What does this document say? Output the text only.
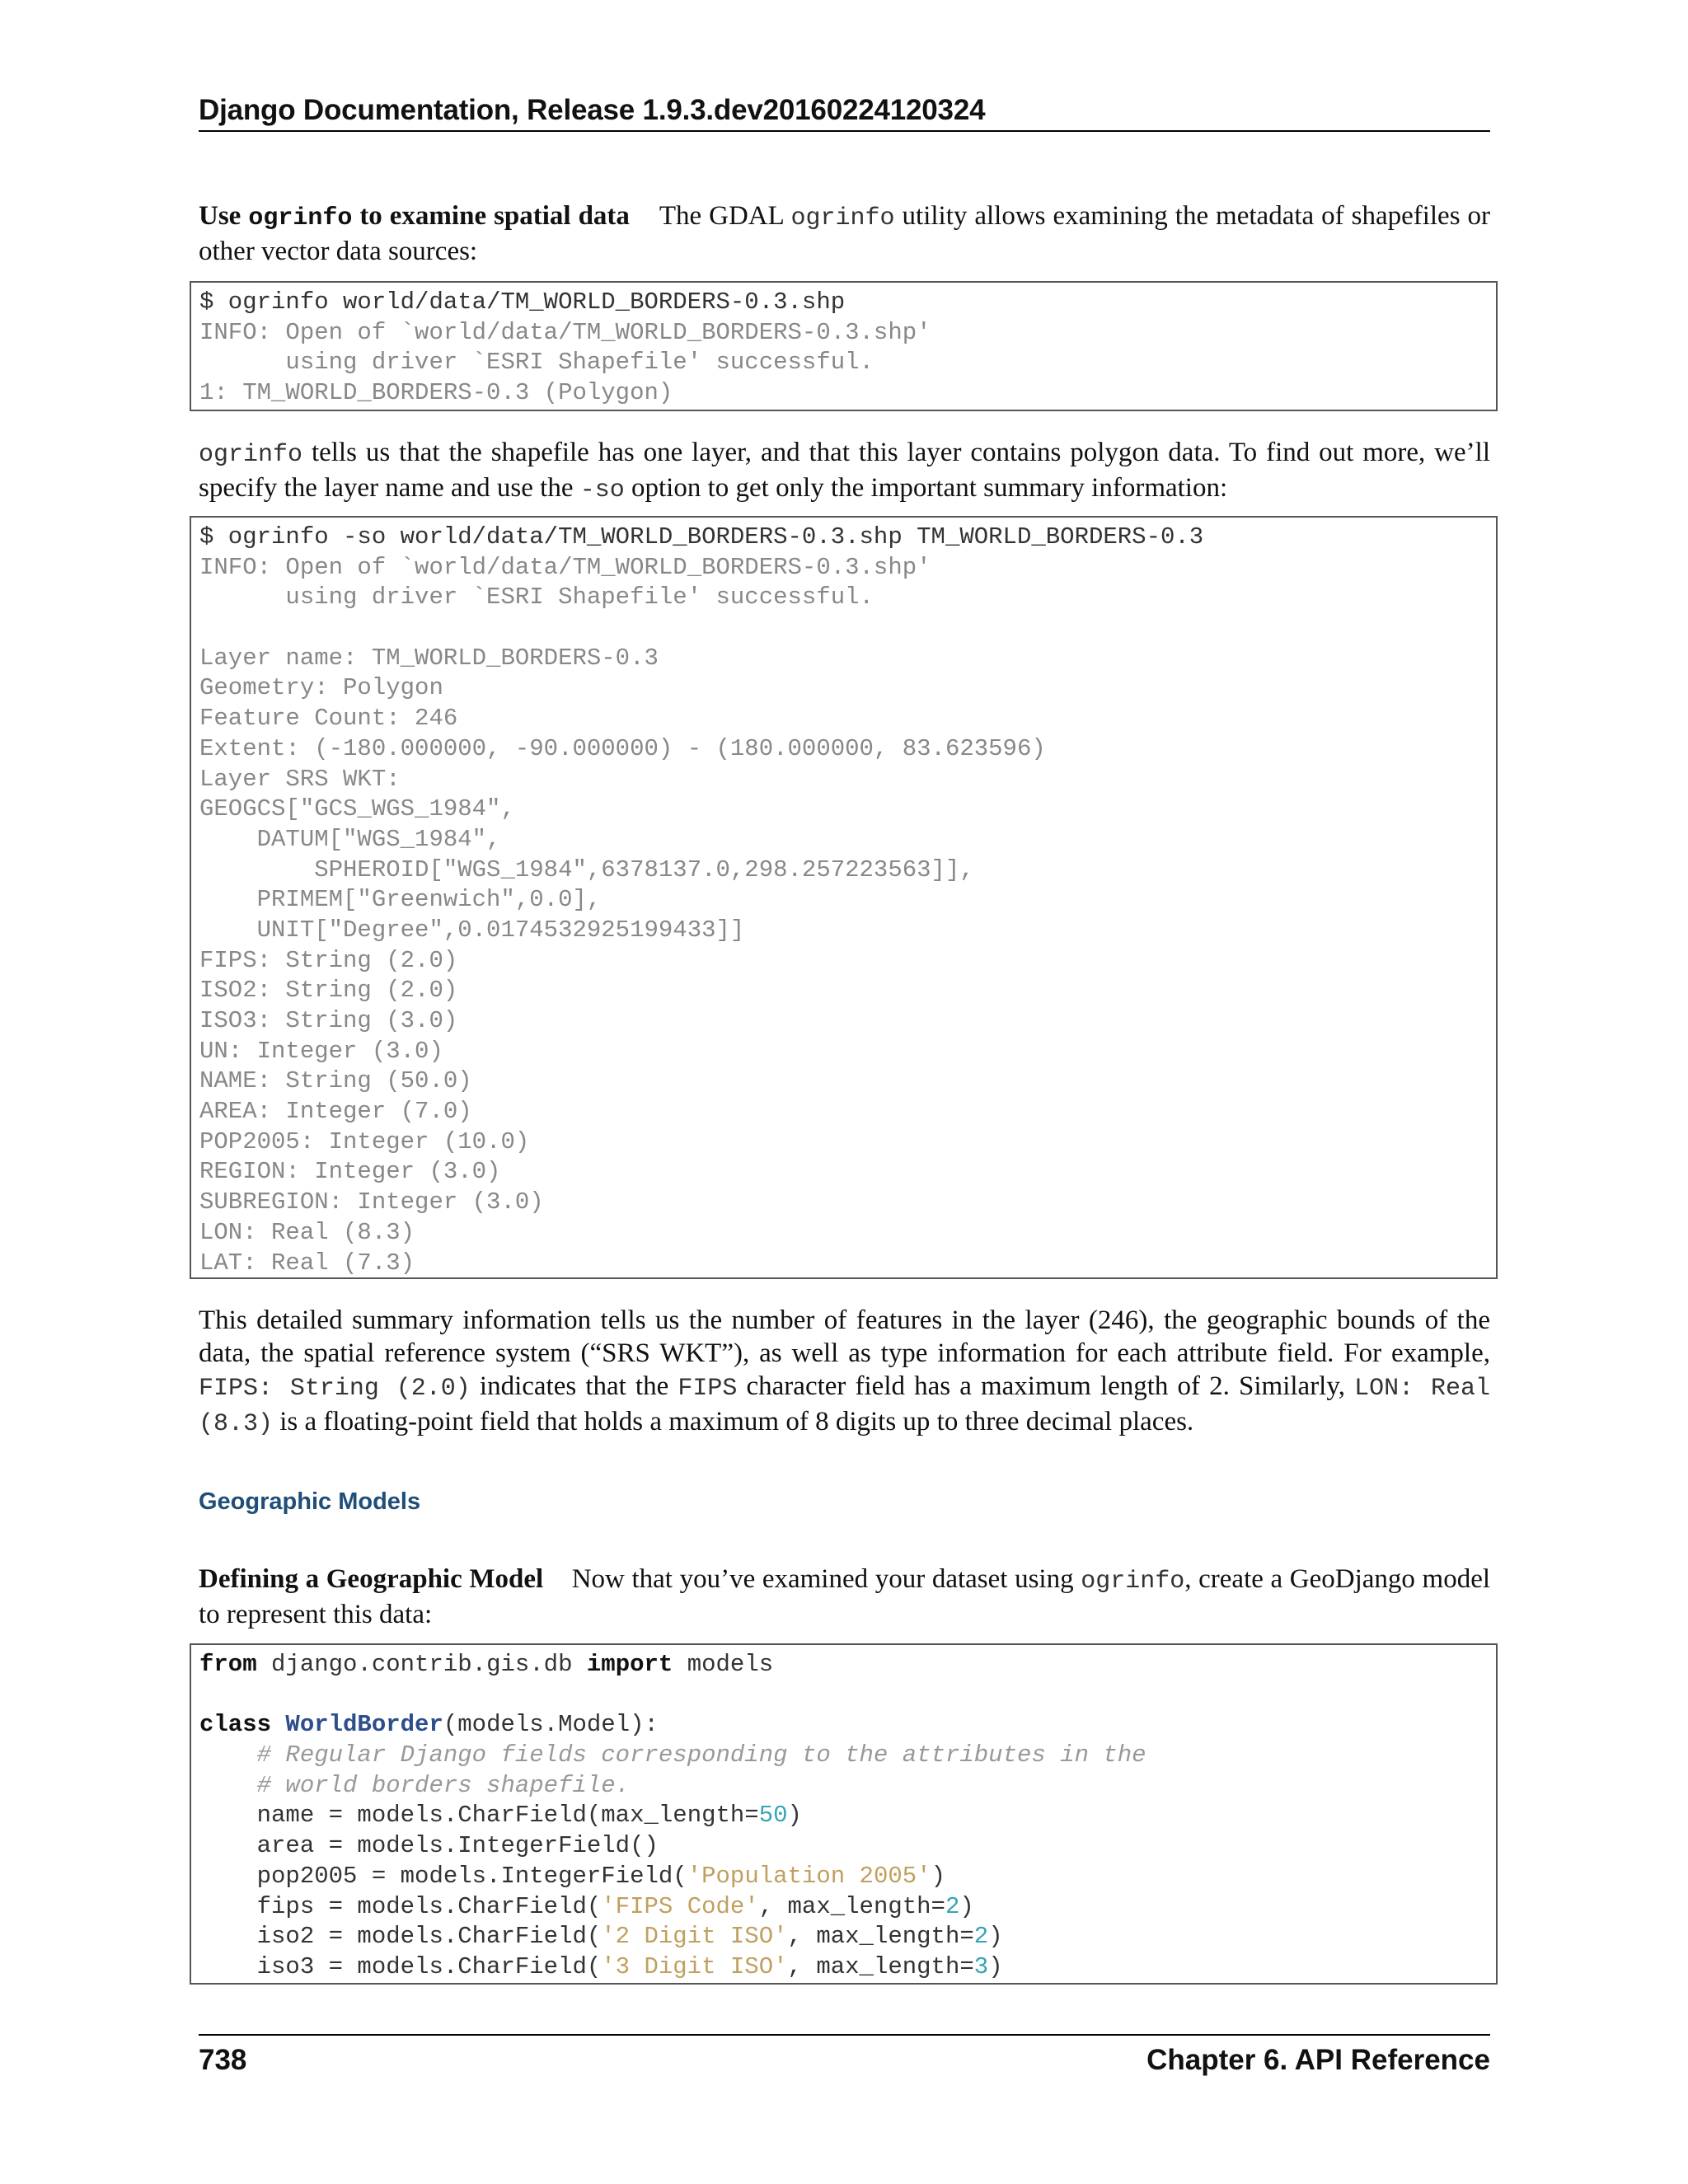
Django Documentation, Release 1.9.3.dev20160224120324
Use ogrinfo to examine spatial data The GDAL ogrinfo utility allows examining the metadata of shapefiles or other vector data sources:
$ ogrinfo world/data/TM_WORLD_BORDERS-0.3.shp
INFO: Open of `world/data/TM_WORLD_BORDERS-0.3.shp'
using driver `ESRI Shapefile' successful.
1: TM_WORLD_BORDERS-0.3 (Polygon)
ogrinfo tells us that the shapefile has one layer, and that this layer contains polygon data. To find out more, we’ll specify the layer name and use the -so option to get only the important summary information:
$ ogrinfo -so world/data/TM_WORLD_BORDERS-0.3.shp TM_WORLD_BORDERS-0.3
INFO: Open of `world/data/TM_WORLD_BORDERS-0.3.shp'
using driver `ESRI Shapefile' successful.
Layer name: TM_WORLD_BORDERS-0.3
Geometry: Polygon
Feature Count: 246
Extent: (-180.000000, -90.000000) - (180.000000, 83.623596)
Layer SRS WKT:
GEOGCS["GCS_WGS_1984",
DATUM["WGS_1984",
SPHEROID["WGS_1984",6378137.0,298.257223563]],
PRIMEM["Greenwich",0.0],
UNIT["Degree",0.0174532925199433]]
FIPS: String (2.0)
ISO2: String (2.0)
ISO3: String (3.0)
UN: Integer (3.0)
NAME: String (50.0)
AREA: Integer (7.0)
POP2005: Integer (10.0)
REGION: Integer (3.0)
SUBREGION: Integer (3.0)
LON: Real (8.3)
LAT: Real (7.3)
This detailed summary information tells us the number of features in the layer (246), the geographic bounds of the data, the spatial reference system (“SRS WKT”), as well as type information for each attribute field. For example, FIPS: String (2.0) indicates that the FIPS character field has a maximum length of 2. Similarly, LON: Real (8.3) is a floating-point field that holds a maximum of 8 digits up to three decimal places.
Geographic Models
Defining a Geographic Model Now that you’ve examined your dataset using ogrinfo, create a GeoDjango model to represent this data:
from django.contrib.gis.db import models
class WorldBorder(models.Model):
# Regular Django fields corresponding to the attributes in the
# world borders shapefile.
name = models.CharField(max_length=50)
area = models.IntegerField()
pop2005 = models.IntegerField('Population 2005')
fips = models.CharField('FIPS Code', max_length=2)
iso2 = models.CharField('2 Digit ISO', max_length=2)
iso3 = models.CharField('3 Digit ISO', max_length=3)
738	Chapter 6. API Reference
